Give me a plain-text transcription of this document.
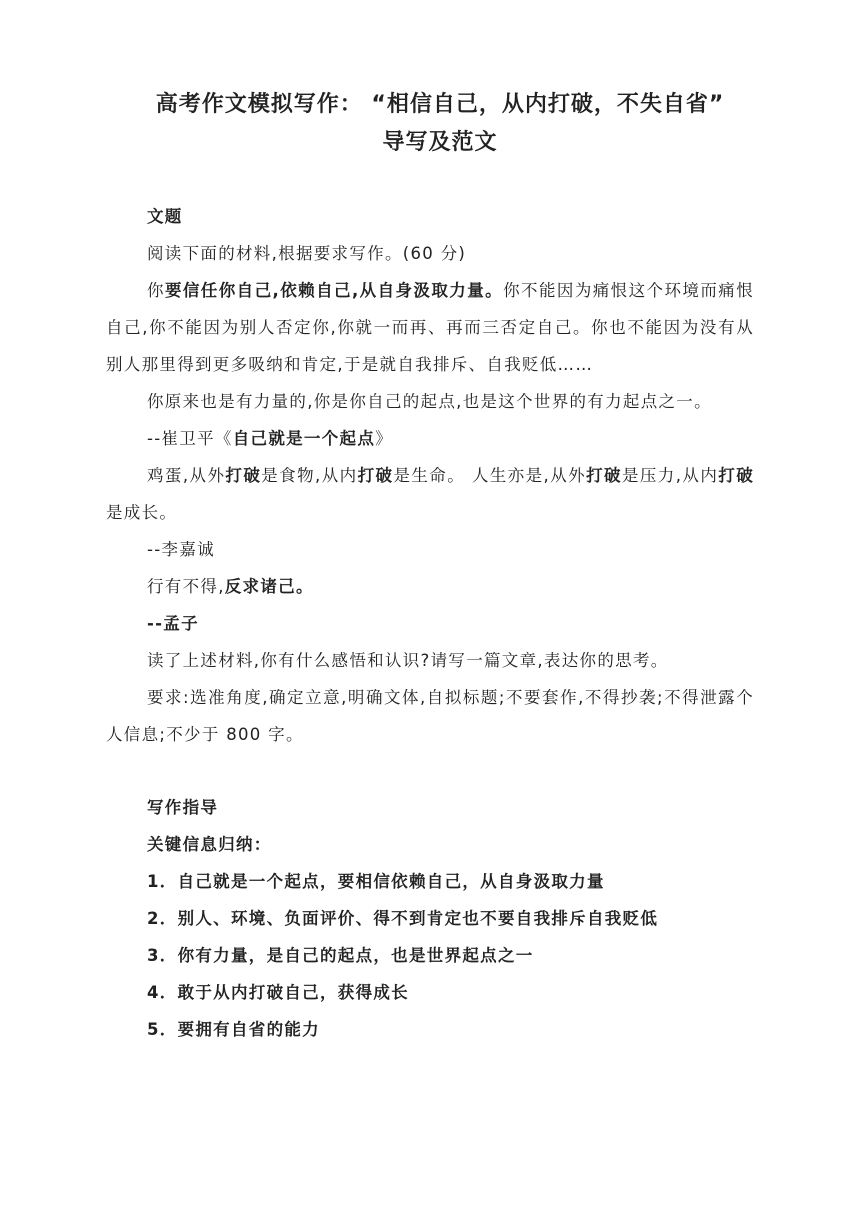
高考作文模拟写作： “相信自己，从内打破，不失自省”

导写及范文

文题

阅读下面的材料,根据要求写作。(60 分)

你要信任你自己,依赖自己,从自身汲取力量。你不能因为痛恨这个环境而痛恨自己,你不能因为别人否定你,你就一而再、再而三否定自己。你也不能因为没有从别人那里得到更多吸纳和肯定,于是就自我排斥、自我贬低……

你原来也是有力量的,你是你自己的起点,也是这个世界的有力起点之一。

--崔卫平《自己就是一个起点》

鸡蛋,从外打破是食物,从内打破是生命。 人生亦是,从外打破是压力,从内打破是成长。

--李嘉诚

行有不得,反求诸己。

--孟子

读了上述材料,你有什么感悟和认识?请写一篇文章,表达你的思考。

要求:选准角度,确定立意,明确文体,自拟标题;不要套作,不得抄袭;不得泄露个人信息;不少于 800 字。

写作指导

关键信息归纳：

1．自己就是一个起点，要相信依赖自己，从自身汲取力量

2．别人、环境、负面评价、得不到肯定也不要自我排斥自我贬低

3．你有力量，是自己的起点，也是世界起点之一

4．敢于从内打破自己，获得成长

5．要拥有自省的能力
